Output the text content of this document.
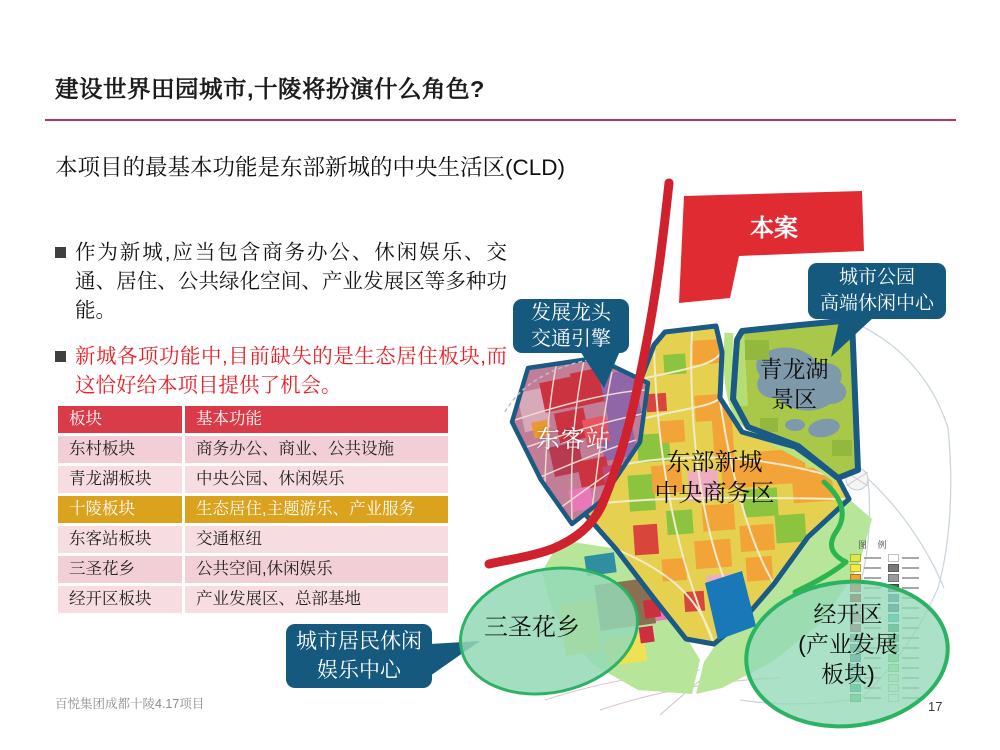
图 例
东客站
东部新城
中央商务区
青龙湖
景区
三圣花乡	经开区
(产业发展
板块)
本案
发展龙头
交通引擎
城市公园
高端休闲中心
城市居民休闲
娱乐中心
建设世界田园城市,十陵将扮演什么角色?
本项目的最基本功能是东部新城的中央生活区(CLD)
作为新城,应当包含商务办公、休闲娱乐、交通、居住、公共绿化空间、产业发展区等多种功能。
新城各项功能中,目前缺失的是生态居住板块,而这恰好给本项目提供了机会。
板块	基本功能
东村板块	商务办公、商业、公共设施
青龙湖板块	中央公园、休闲娱乐
十陵板块	生态居住,主题游乐、产业服务
东客站板块	交通枢纽
三圣花乡	公共空间,休闲娱乐
经开区板块	产业发展区、总部基地
百悦集团成都十陵4.17项目	17
